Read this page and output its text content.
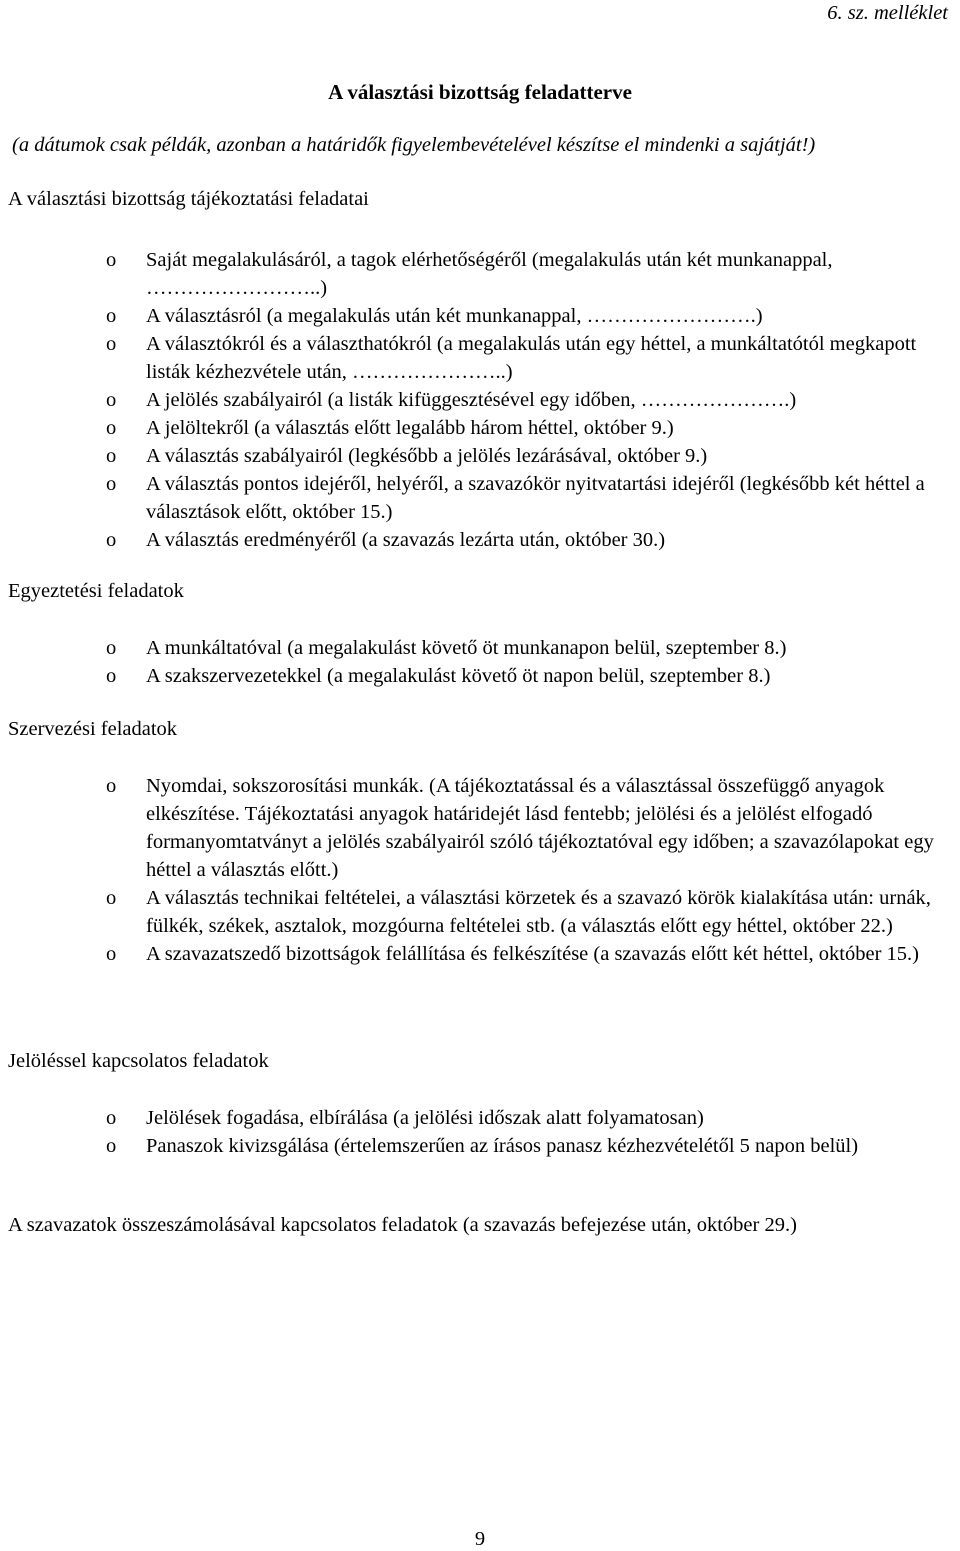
6. sz. melléklet
A választási bizottság feladatterve
(a dátumok csak példák, azonban a határidők figyelembevételével készítse el mindenki a sajátját!)
A választási bizottság tájékoztatási feladatai
o Saját megalakulásáról, a tagok elérhetőségéről (megalakulás után két munkanappal, ……………………..)
o A választásról (a megalakulás után két munkanappal, …………………….)
o A választókról és a választhatókról (a megalakulás után egy héttel, a munkáltatótól megkapott listák kézhezvétele után, …………………..)
o A jelölés szabályairól (a listák kifüggesztésével egy időben, ………………….)
o A jelöltekről (a választás előtt legalább három héttel, október 9.)
o A választás szabályairól (legkésőbb a jelölés lezárásával, október 9.)
o A választás pontos idejéről, helyéről, a szavazókör nyitvatartási idejéről (legkésőbb két héttel a választások előtt, október 15.)
o A választás eredményéről (a szavazás lezárta után, október 30.)
Egyeztetési feladatok
o A munkáltatóval (a megalakulást követő öt munkanapon belül, szeptember 8.)
o A szakszervezetekkel (a megalakulást követő öt napon belül, szeptember 8.)
Szervezési feladatok
o Nyomdai, sokszorosítási munkák. (A tájékoztatással és a választással összefüggő anyagok elkészítése. Tájékoztatási anyagok határidejét lásd fentebb; jelölési és a jelölést elfogadó formanyomtatványt a jelölés szabályairól szóló tájékoztatóval egy időben; a szavazólapokat egy héttel a választás előtt.)
o A választás technikai feltételei, a választási körzetek és a szavazó körök kialakítása után: urnák, fülkék, székek, asztalok, mozgóurna feltételei stb. (a választás előtt egy héttel, október 22.)
o A szavazatszedő bizottságok felállítása és felkészítése (a szavazás előtt két héttel, október 15.)
Jelöléssel kapcsolatos feladatok
o Jelölések fogadása, elbírálása (a jelölési időszak alatt folyamatosan)
o Panaszok kivizsgálása (értelemszerűen az írásos panasz kézhezvételétől 5 napon belül)
A szavazatok összeszámolásával kapcsolatos feladatok (a szavazás befejezése után, október 29.)
9
